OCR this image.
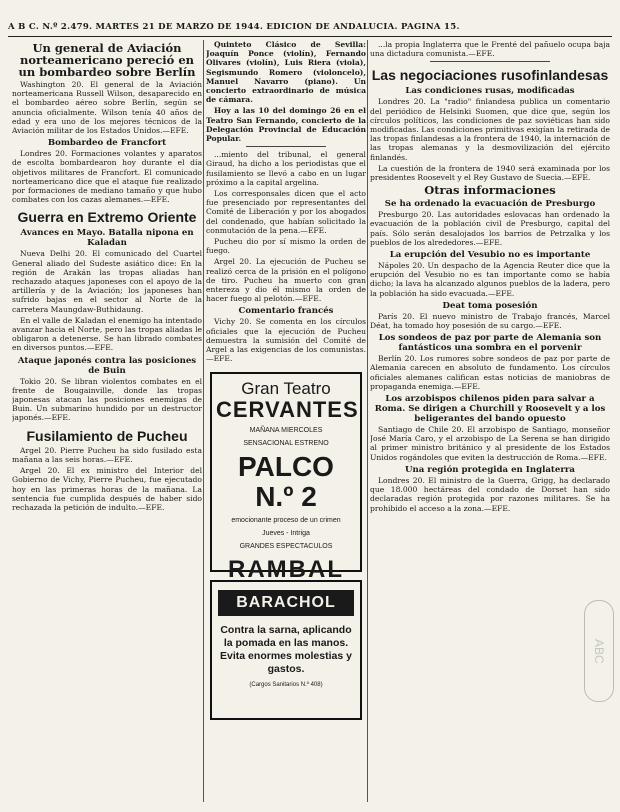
A B C. N.º 2.479. MARTES 21 DE MARZO DE 1944. EDICION DE ANDALUCIA. PAGINA 15.
Un general de Aviación norteamericano pereció en un bombardeo sobre Berlín

Washington 20. El general de la Aviación norteamericana Russell Wilson, desaparecido en el bombardeo aéreo sobre Berlín, según se anuncia oficialmente. Wilson tenía 40 años de edad y era uno de los mejores técnicos de la Aviación militar de los Estados Unidos.—EFE.

Bombardeo de Francfort

Londres 20. Formaciones volantes y aparatos de escolta bombardearon hoy durante el día objetivos militares de Francfort. El comunicado norteamericano dice que el ataque fue realizado por formaciones de mediano tamaño y que hubo combates con los cazas alemanes.—EFE.

Guerra en Extremo Oriente
Avances en Mayo. Batalla nipona en Kaladan

Nueva Delhi 20. El comunicado del Cuartel General aliado del Sudeste asiático dice: En la región de Arakán las tropas aliadas han rechazado ataques japoneses con el apoyo de la artillería y de la Aviación; los japoneses han sufrido bajas en el sector al Norte de la carretera Maungdaw-Buthidaung.

En el valle de Kaladan el enemigo ha intentado avanzar hacia el Norte, pero las tropas aliadas le obligaron a detenerse. Se han librado combates en diversos puntos.—EFE.

Ataque japonés contra las posiciones de Buin

Tokio 20. Se libran violentos combates en el frente de Bougainville, donde las tropas japonesas atacan las posiciones enemigas de Buin. Un submarino hundido por un destructor japonés.—EFE.

Fusilamiento de Pucheu

Argel 20. Pierre Pucheu ha sido fusilado esta mañana a las seis horas.—EFE.

Argel 20. El ex ministro del Interior del Gobierno de Vichy, Pierre Pucheu, fue ejecutado hoy en las primeras horas de la mañana. La sentencia fue cumplida después de haber sido rechazada la petición de indulto.—EFE.

Quinteto Clásico de Sevilla: Joaquín Ponce (violín), Fernando Olivares (violín), Luis Riera (viola), Segismundo Romero (violoncelo), Manuel Navarro (piano). Un concierto extraordinario de música de cámara.

Hoy a las 10 del domingo 26 en el Teatro San Fernando, concierto de la Delegación Provincial de Educación Popular.

...miento del tribunal, el general Giraud, ha dicho a los periodistas que el fusilamiento se llevó a cabo en un lugar próximo a la capital argelina.

Los corresponsales dicen que el acto fue presenciado por representantes del Comité de Liberación y por los abogados del condenado, que habían solicitado la conmutación de la pena.—EFE.

Pucheu dio por sí mismo la orden de fuego.

Argel 20. La ejecución de Pucheu se realizó cerca de la prisión en el polígono de tiro. Pucheu ha muerto con gran entereza y dio él mismo la orden de hacer fuego al pelotón.—EFE.

Comentario francés

Vichy 20. Se comenta en los círculos oficiales que la ejecución de Pucheu demuestra la sumisión del Comité de Argel a las exigencias de los comunistas.—EFE.

Gran Teatro
CERVANTES
MAÑANA MIERCOLES
SENSACIONAL ESTRENO
PALCO N.º 2
emocionante proceso de un crimen
Jueves - Intriga
GRANDES ESPECTACULOS
RAMBAL
BARACHOL
Contra la sarna, aplicando la pomada en las manos. Evita enormes molestias y gastos.
(Cargos Sanitarios N.º 408)

...la propia Inglaterra que le Frenté del pañuelo ocupa baja una dictadura comunista.—EFE.

Las negociaciones rusofinlandesas
Las condiciones rusas, modificadas

Londres 20. La "radio" finlandesa publica un comentario del periódico de Helsinki Suomen, que dice que, según los círculos políticos, las condiciones de paz soviéticas han sido modificadas. Las condiciones primitivas exigían la retirada de las tropas finlandesas a la frontera de 1940, la internación de las tropas alemanas y la desmovilización del ejército finlandés.

La cuestión de la frontera de 1940 será examinada por los presidentes Roosevelt y el Rey Gustavo de Suecia.—EFE.

Otras informaciones
Se ha ordenado la evacuación de Presburgo

Presburgo 20. Las autoridades eslovacas han ordenado la evacuación de la población civil de Presburgo, capital del país. Sólo serán desalojados los barrios de Petrzalka y los pueblos de los alrededores.—EFE.

La erupción del Vesubio no es importante

Nápoles 20. Un despacho de la Agencia Reuter dice que la erupción del Vesubio no es tan importante como se había dicho; la lava ha alcanzado algunos pueblos de la ladera, pero la población ha sido evacuada.—EFE.

Deat toma posesión

París 20. El nuevo ministro de Trabajo francés, Marcel Déat, ha tomado hoy posesión de su cargo.—EFE.

Los sondeos de paz por parte de Alemania son fantásticos una sombra en el porvenir

Berlín 20. Los rumores sobre sondeos de paz por parte de Alemania carecen en absoluto de fundamento. Los círculos oficiales alemanes califican estas noticias de maniobras de propaganda enemiga.—EFE.

Los arzobispos chilenos piden para salvar a Roma. Se dirigen a Churchill y Roosevelt y a los beligerantes del bando opuesto

Santiago de Chile 20. El arzobispo de Santiago, monseñor José María Caro, y el arzobispo de La Serena se han dirigido al primer ministro británico y al presidente de los Estados Unidos rogándoles que eviten la destrucción de Roma.—EFE.

Una región protegida en Inglaterra

Londres 20. El ministro de la Guerra, Grigg, ha declarado que 18.000 hectáreas del condado de Dorset han sido declaradas región protegida por razones militares. Se ha prohibido el acceso a la zona.—EFE.

ABC
